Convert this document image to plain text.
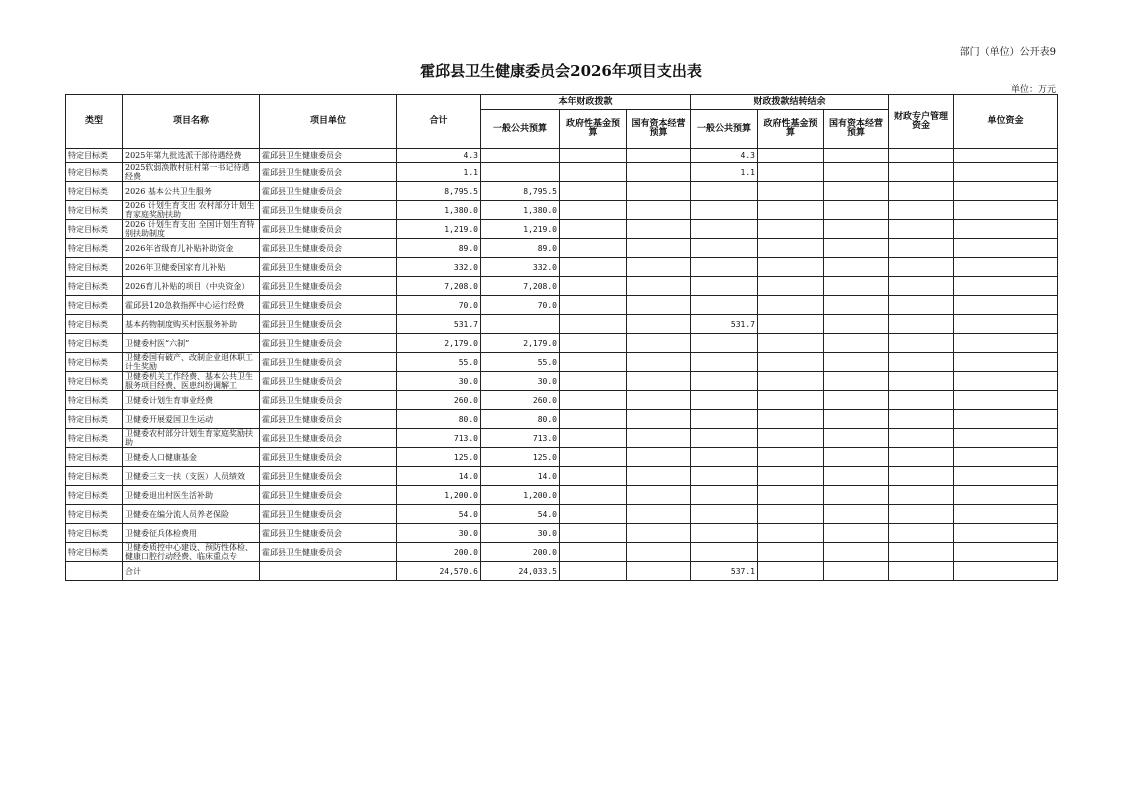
部门（单位）公开表9
霍邱县卫生健康委员会2026年项目支出表
单位：万元
类型	项目名称	项目单位	合计	本年财政拨款			财政拨款结转结余			财政专户管理资金	单位资金
				一般公共预算	政府性基金预算	国有资本经营预算	一般公共预算	政府性基金预算	国有资本经营预算		
特定目标类	2025年第九批选派干部待遇经费	霍邱县卫生健康委员会	4.3				4.3				
特定目标类	2025软弱涣散村驻村第一书记待遇经费	霍邱县卫生健康委员会	1.1				1.1				
特定目标类	2026 基本公共卫生服务	霍邱县卫生健康委员会	8,795.5	8,795.5							
特定目标类	2026 计划生育支出 农村部分计划生育家庭奖励扶助	霍邱县卫生健康委员会	1,380.0	1,380.0							
特定目标类	2026 计划生育支出 全国计划生育特别扶助制度	霍邱县卫生健康委员会	1,219.0	1,219.0							
特定目标类	2026年省级育儿补贴补助资金	霍邱县卫生健康委员会	89.0	89.0							
特定目标类	2026年卫健委国家育儿补贴	霍邱县卫生健康委员会	332.0	332.0							
特定目标类	2026育儿补贴的项目（中央资金）	霍邱县卫生健康委员会	7,208.0	7,208.0							
特定目标类	霍邱县120急救指挥中心运行经费	霍邱县卫生健康委员会	70.0	70.0							
特定目标类	基本药物制度购买村医服务补助	霍邱县卫生健康委员会	531.7				531.7				
特定目标类	卫健委村医“六制”	霍邱县卫生健康委员会	2,179.0	2,179.0							
特定目标类	卫健委国有破产、改制企业退休职工计生奖励	霍邱县卫生健康委员会	55.0	55.0							
特定目标类	卫健委机关工作经费、基本公共卫生服务项目经费、医患纠纷调解工	霍邱县卫生健康委员会	30.0	30.0							
特定目标类	卫健委计划生育事业经费	霍邱县卫生健康委员会	260.0	260.0							
特定目标类	卫健委开展爱国卫生运动	霍邱县卫生健康委员会	80.0	80.0							
特定目标类	卫健委农村部分计划生育家庭奖励扶助	霍邱县卫生健康委员会	713.0	713.0							
特定目标类	卫健委人口健康基金	霍邱县卫生健康委员会	125.0	125.0							
特定目标类	卫健委三支一扶（支医）人员绩效	霍邱县卫生健康委员会	14.0	14.0							
特定目标类	卫健委退出村医生活补助	霍邱县卫生健康委员会	1,200.0	1,200.0							
特定目标类	卫健委在编分流人员养老保险	霍邱县卫生健康委员会	54.0	54.0							
特定目标类	卫健委征兵体检费用	霍邱县卫生健康委员会	30.0	30.0							
特定目标类	卫健委质控中心建设、预防性体检、健康口腔行动经费、临床重点专	霍邱县卫生健康委员会	200.0	200.0							
	合计		24,570.6	24,033.5			537.1				
